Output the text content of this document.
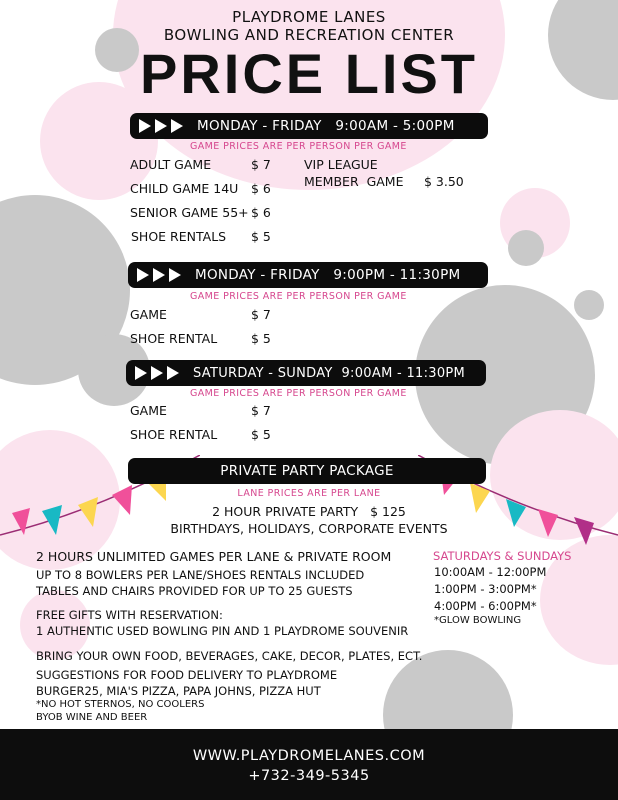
PLAYDROME LANES
BOWLING AND RECREATION CENTER
PRICE LIST
MONDAY - FRIDAY   9:00AM - 5:00PM
GAME PRICES ARE PER PERSON PER GAME
ADULT GAME	$ 7
CHILD GAME 14U $ 6
SENIOR GAME 55+ $ 6
SHOE RENTALS $ 5
VIP LEAGUE
MEMBER  GAME $ 3.50
MONDAY - FRIDAY   9:00PM - 11:30PM
GAME PRICES ARE PER PERSON PER GAME
GAME	$ 7
SHOE RENTAL	$ 5
SATURDAY - SUNDAY  9:00AM - 11:30PM
GAME PRICES ARE PER PERSON PER GAME
GAME	$ 7
SHOE RENTAL	$ 5
PRIVATE PARTY PACKAGE
LANE PRICES ARE PER LANE
2 HOUR PRIVATE PARTY   $ 125
BIRTHDAYS, HOLIDAYS, CORPORATE EVENTS
2 HOURS UNLIMITED GAMES PER LANE & PRIVATE ROOM
UP TO 8 BOWLERS PER LANE/SHOES RENTALS INCLUDED
TABLES AND CHAIRS PROVIDED FOR UP TO 25 GUESTS
FREE GIFTS WITH RESERVATION:
1 AUTHENTIC USED BOWLING PIN AND 1 PLAYDROME SOUVENIR
BRING YOUR OWN FOOD, BEVERAGES, CAKE, DECOR, PLATES, ECT.
SUGGESTIONS FOR FOOD DELIVERY TO PLAYDROME
BURGER25, MIA'S PIZZA, PAPA JOHNS, PIZZA HUT
*NO HOT STERNOS, NO COOLERS
BYOB WINE AND BEER
SATURDAYS & SUNDAYS
10:00AM - 12:00PM
1:00PM - 3:00PM*
4:00PM - 6:00PM*
*GLOW BOWLING
WWW.PLAYDROMELANES.COM
+732-349-5345
